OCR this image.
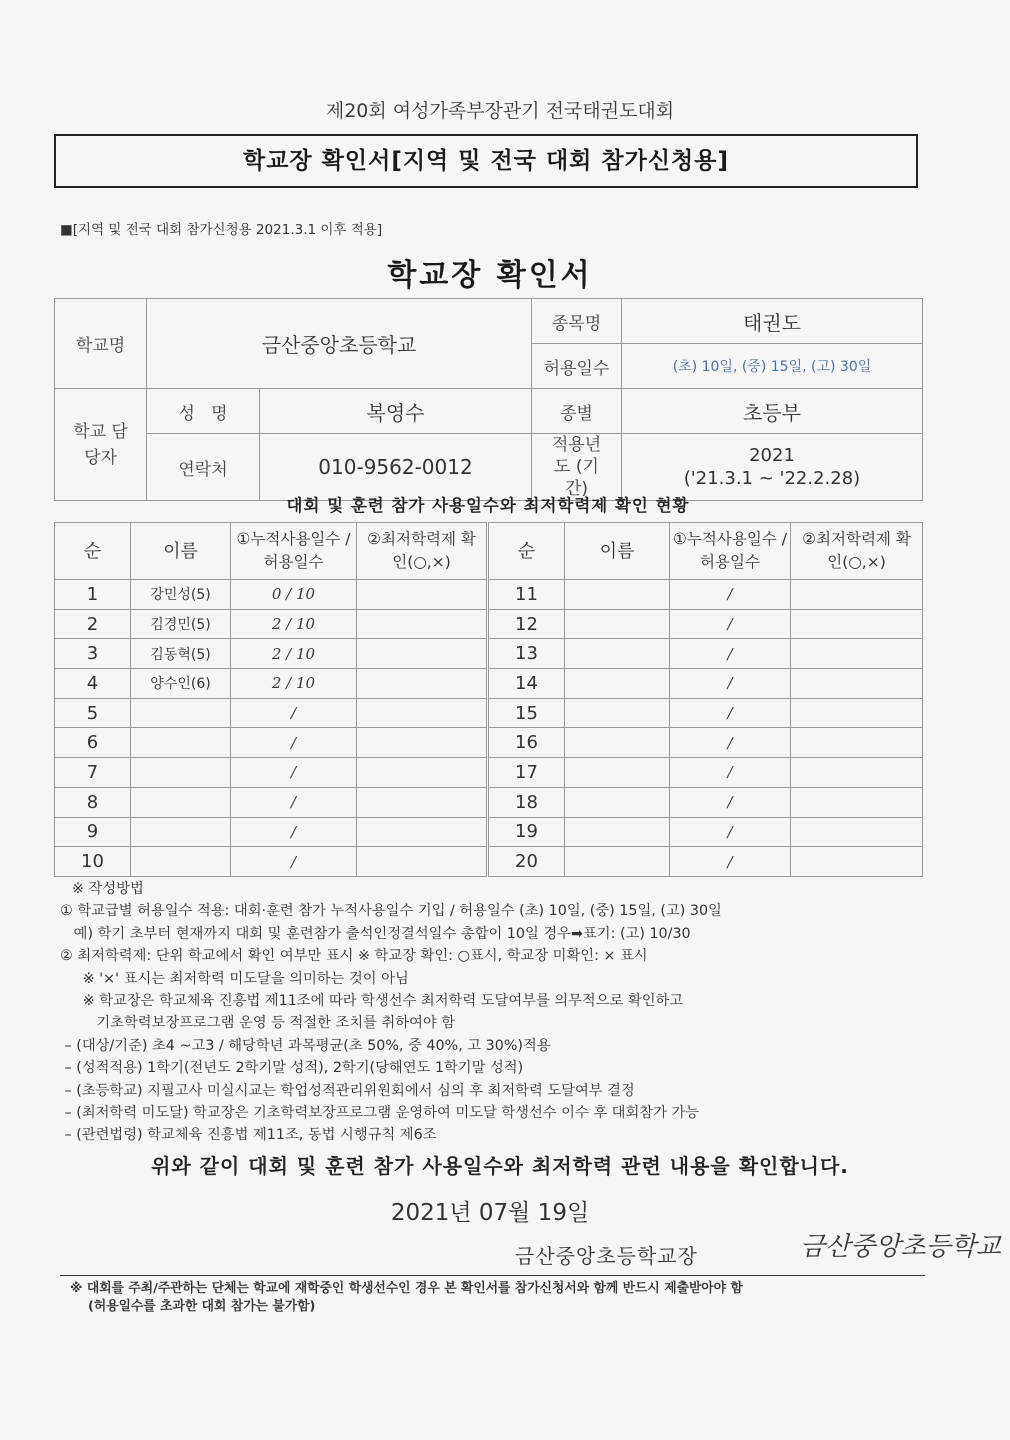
제20회 여성가족부장관기 전국태권도대회
학교장 확인서[지역 및 전국 대회 참가신청용]
■[지역 및 전국 대회 참가신청용 2021.3.1 이후 적용]
학교장 확인서
학교명	금산중앙초등학교		종목명	태권도
			허용일수	(초) 10일, (중) 15일, (고) 30일
학교 담당자	성   명	복영수	종별	초등부
	연락처	010-9562-0012	적용년도 (기간)	2021
('21.3.1 ~ '22.2.28)
대회 및 훈련 참가 사용일수와 최저학력제 확인 현황
순	이름	①누적사용일수 /허용일수	②최저학력제 확인(○,×)
1	강민성(5)	0 / 10	
2	김경민(5)	2 / 10	
3	김동혁(5)	2 / 10	
4	양수인(6)	2 / 10	
5		/	
6		/	
7		/	
8		/	
9		/	
10		/	
순	이름	①누적사용일수 /허용일수	②최저학력제 확인(○,×)
11		/	
12		/	
13		/	
14		/	
15		/	
16		/	
17		/	
18		/	
19		/	
20		/	
※ 작성방법
① 학교급별 허용일수 적용: 대회·훈련 참가 누적사용일수 기입 / 허용일수 (초) 10일, (중) 15일, (고) 30일
예) 학기 초부터 현재까지 대회 및 훈련참가 출석인정결석일수 총합이 10일 경우➡표기: (고) 10/30
② 최저학력제: 단위 학교에서 확인 여부만 표시 ※ 학교장 확인: ○표시, 학교장 미확인: × 표시
※ '×' 표시는 최저학력 미도달을 의미하는 것이 아님
※ 학교장은 학교체육 진흥법 제11조에 따라 학생선수 최저학력 도달여부를 의무적으로 확인하고
기초학력보장프로그램 운영 등 적절한 조치를 취하여야 함
– (대상/기준) 초4 ~고3 / 해당학년 과목평균(초 50%, 중 40%, 고 30%)적용
– (성적적용) 1학기(전년도 2학기말 성적), 2학기(당해연도 1학기말 성적)
– (초등학교) 지필고사 미실시교는 학업성적관리위원회에서 심의 후 최저학력 도달여부 결정
– (최저학력 미도달) 학교장은 기초학력보장프로그램 운영하여 미도달 학생선수 이수 후 대회참가 가능
– (관련법령) 학교체육 진흥법 제11조, 동법 시행규칙 제6조
위와 같이 대회 및 훈련 참가 사용일수와 최저학력 관련 내용을 확인합니다.
2021년 07월 19일
금산중앙초등학교장	금산중앙초등학교
※ 대회를 주최/주관하는 단체는 학교에 재학중인 학생선수인 경우 본 확인서를 참가신청서와 함께 반드시 제출받아야 함
(허용일수를 초과한 대회 참가는 불가함)
